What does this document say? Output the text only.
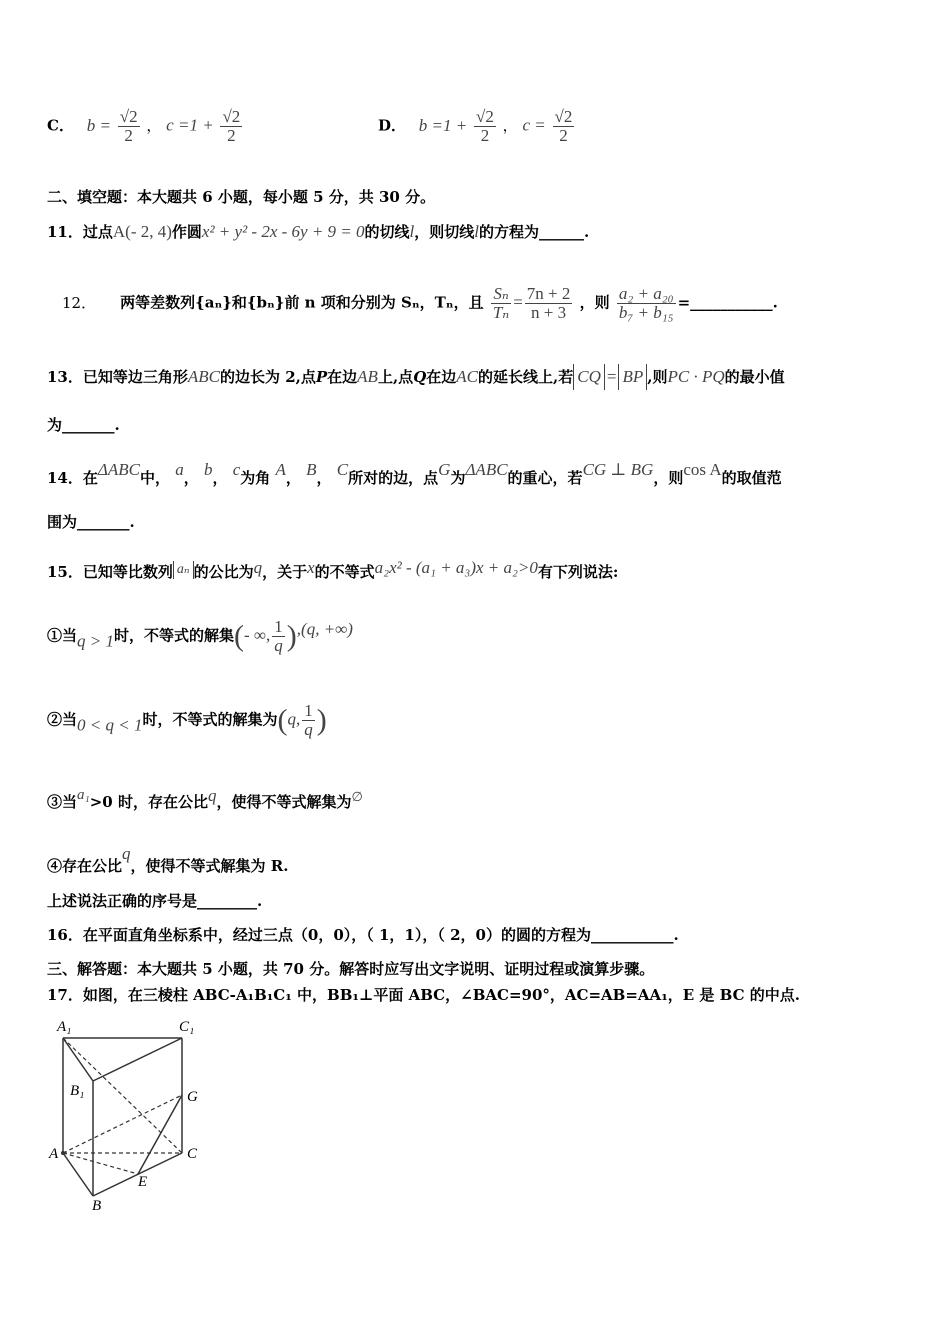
C． $b = \frac{√2}{2}$ ， $c =1 + \frac{√2}{2}$	D． $b =1 + \frac{√2}{2}$ ， $c = \frac{√2}{2}$
二、填空题：本大题共 6 小题，每小题 5 分，共 30 分。
11．过点A(- 2, 4)作圆x² + y² - 2x - 6y + 9 = 0的切线l，则切线l的方程为______.
12． 两等差数列{aₙ}和{bₙ}前 n 项和分别为 Sₙ，Tₙ，且 $\frac{\text{Sₙ}}{\text{Tₙ}} = \frac{7n + 2}{n + 3}$ ，则 $\frac{\text{a₂ + a₂₀}}{\text{b₇ + b₁₅}}$ =___________.
13．已知等边三角形ABC的边长为 2,点P在边AB上,点Q在边AC的延长线上,若 CQ = BP ,则PC · PQ的最小值
为_______.
14．在ΔABC中， a， b， c为角 A， B， C所对的边，点G为ΔABC的重心，若CG ⊥ BG，则cos A的取值范
围为_______.
15．已知等比数列 aₙ 的公比为q，关于x的不等式a₂x² - (a₁ + a₃)x + a₂>0有下列说法:
①当q > 1时，不等式的解集(- ∞, $\frac{1}{q} ),(q$, +∞)
②当0 < q < 1时，不等式的解集为(q, $\frac{1}{q}$ )
③当a₁>0 时，存在公比q，使得不等式解集为∅
④存在公比q，使得不等式解集为 R.
上述说法正确的序号是________.
16．在平面直角坐标系中，经过三点（0，0），（ 1，1），（ 2，0）的圆的方程为___________.
三、解答题：本大题共 5 小题，共 70 分。解答时应写出文字说明、证明过程或演算步骤。
17．如图，在三棱柱 ABC-A₁B₁C₁ 中，BB₁⊥平面 ABC，∠BAC=90°，AC=AB=AA₁，E 是 BC 的中点.
A₁	C₁
B₁	G
A	C
E
B
